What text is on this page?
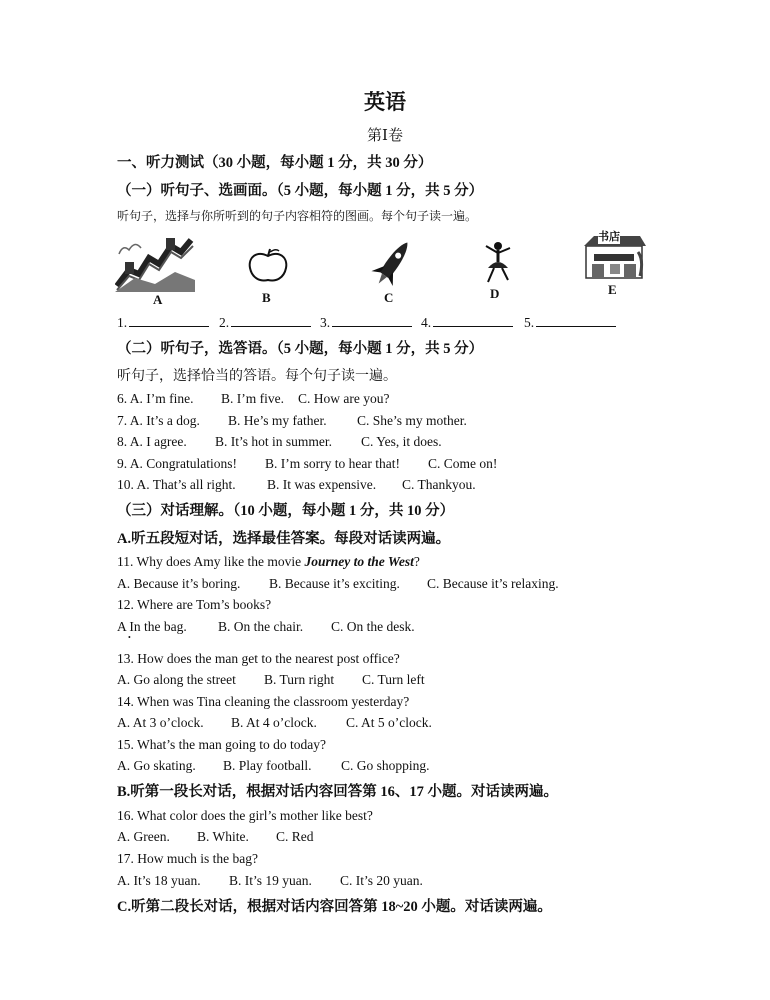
英语
第Ⅰ卷
一、听力测试（30 小题，每小题 1 分，共 30 分）
（一）听句子、选画面。（5 小题，每小题 1 分，共 5 分）
听句子，选择与你所听到的句子内容相符的图画。每个句子读一遍。
A	B	C	D
书店
E
1.	2.	3.	4.	5.
（二）听句子，选答语。（5 小题，每小题 1 分，共 5 分）
听句子，选择恰当的答语。每个句子读一遍。
6. A. I’m fine. B. I’m five. C. How are you?
7. A. It’s a dog. B. He’s my father. C. She’s my mother.
8. A. I agree. B. It’s hot in summer. C. Yes, it does.
9. A. Congratulations! B. I’m sorry to hear that! C. Come on!
10. A. That’s all right. B. It was expensive. C. Thankyou.
（三）对话理解。（10 小题，每小题 1 分，共 10 分）
A.听五段短对话，选择最佳答案。每段对话读两遍。
11. Why does Amy like the movie Journey to the West?
A. Because it’s boring. B. Because it’s exciting. C. Because it’s relaxing.
12. Where are Tom’s books?
A In the bag. B. On the chair. C. On the desk.
•
13. How does the man get to the nearest post office?
A. Go along the street B. Turn right C. Turn left
14. When was Tina cleaning the classroom yesterday?
A. At 3 o’clock. B. At 4 o’clock. C. At 5 o’clock.
15. What’s the man going to do today?
A. Go skating. B. Play football. C. Go shopping.
B.听第一段长对话，根据对话内容回答第 16、17 小题。对话读两遍。
16. What color does the girl’s mother like best?
A. Green. B. White. C. Red
17. How much is the bag?
A. It’s 18 yuan. B. It’s 19 yuan. C. It’s 20 yuan.
C.听第二段长对话，根据对话内容回答第 18~20 小题。对话读两遍。
